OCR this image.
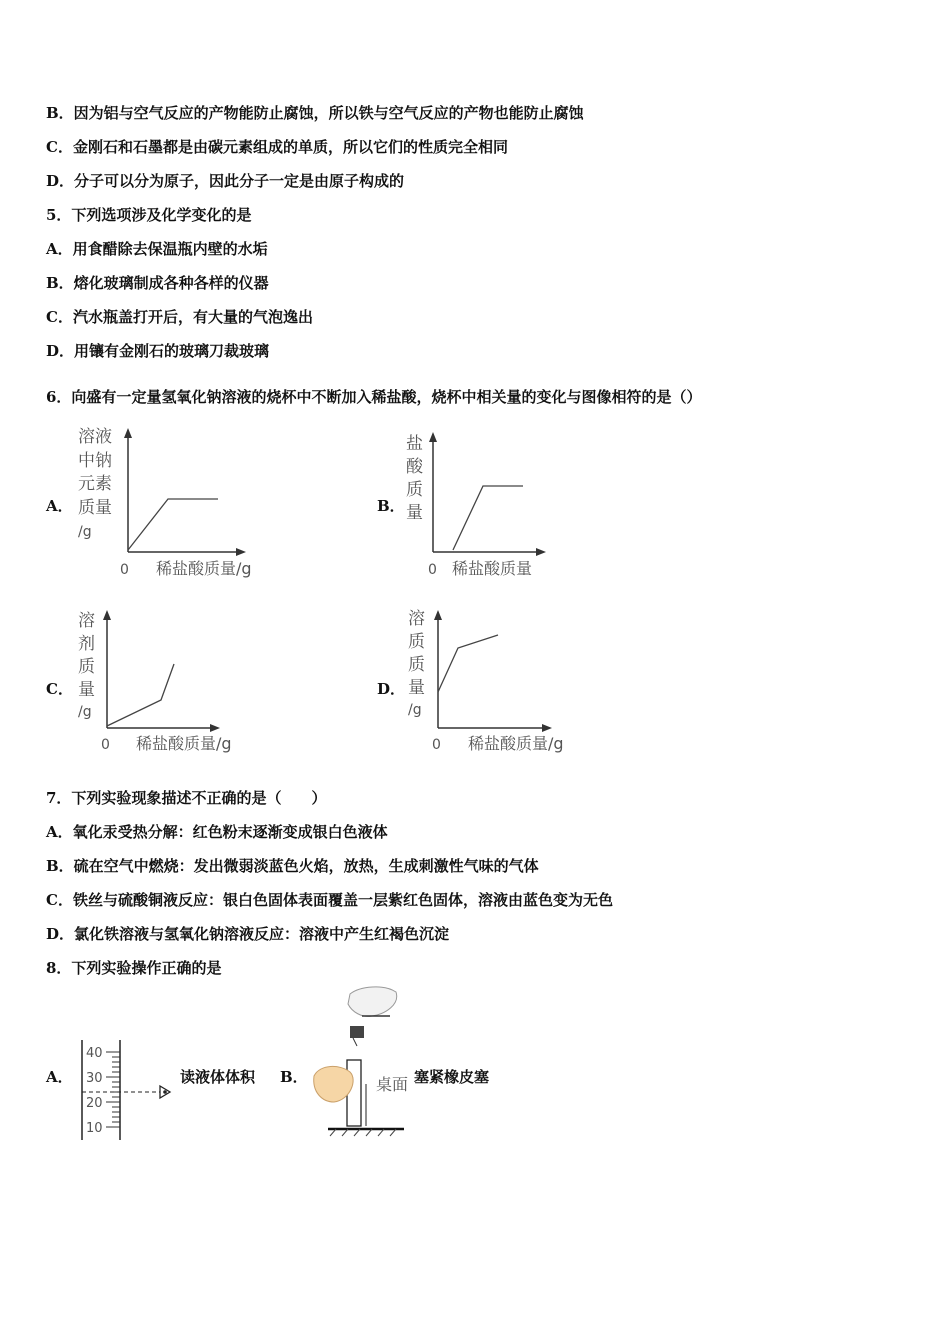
B．因为铝与空气反应的产物能防止腐蚀，所以铁与空气反应的产物也能防止腐蚀
C．金刚石和石墨都是由碳元素组成的单质，所以它们的性质完全相同
D．分子可以分为原子，因此分子一定是由原子构成的
5．下列选项涉及化学变化的是
A．用食醋除去保温瓶内壁的水垢
B．熔化玻璃制成各种各样的仪器
C．汽水瓶盖打开后，有大量的气泡逸出
D．用镶有金刚石的玻璃刀裁玻璃
6．向盛有一定量氢氧化钠溶液的烧杯中不断加入稀盐酸，烧杯中相关量的变化与图像相符的是（）
A．
溶液
中钠
元素
质量
/g
0 稀盐酸质量/g
B．
盐
酸
质
量
0 稀盐酸质量
C．
溶
剂
质
量
/g
0 稀盐酸质量/g
D．
溶
质
质
量
/g
0 稀盐酸质量/g
7．下列实验现象描述不正确的是（　　）
A．氧化汞受热分解：红色粉末逐渐变成银白色液体
B．硫在空气中燃烧：发出微弱淡蓝色火焰，放热，生成刺激性气味的气体
C．铁丝与硫酸铜液反应：银白色固体表面覆盖一层紫红色固体，溶液由蓝色变为无色
D．氯化铁溶液与氢氧化钠溶液反应：溶液中产生红褐色沉淀
8．下列实验操作正确的是
A．
40
30
20
10
读液体体积 B．	桌面 塞紧橡皮塞
